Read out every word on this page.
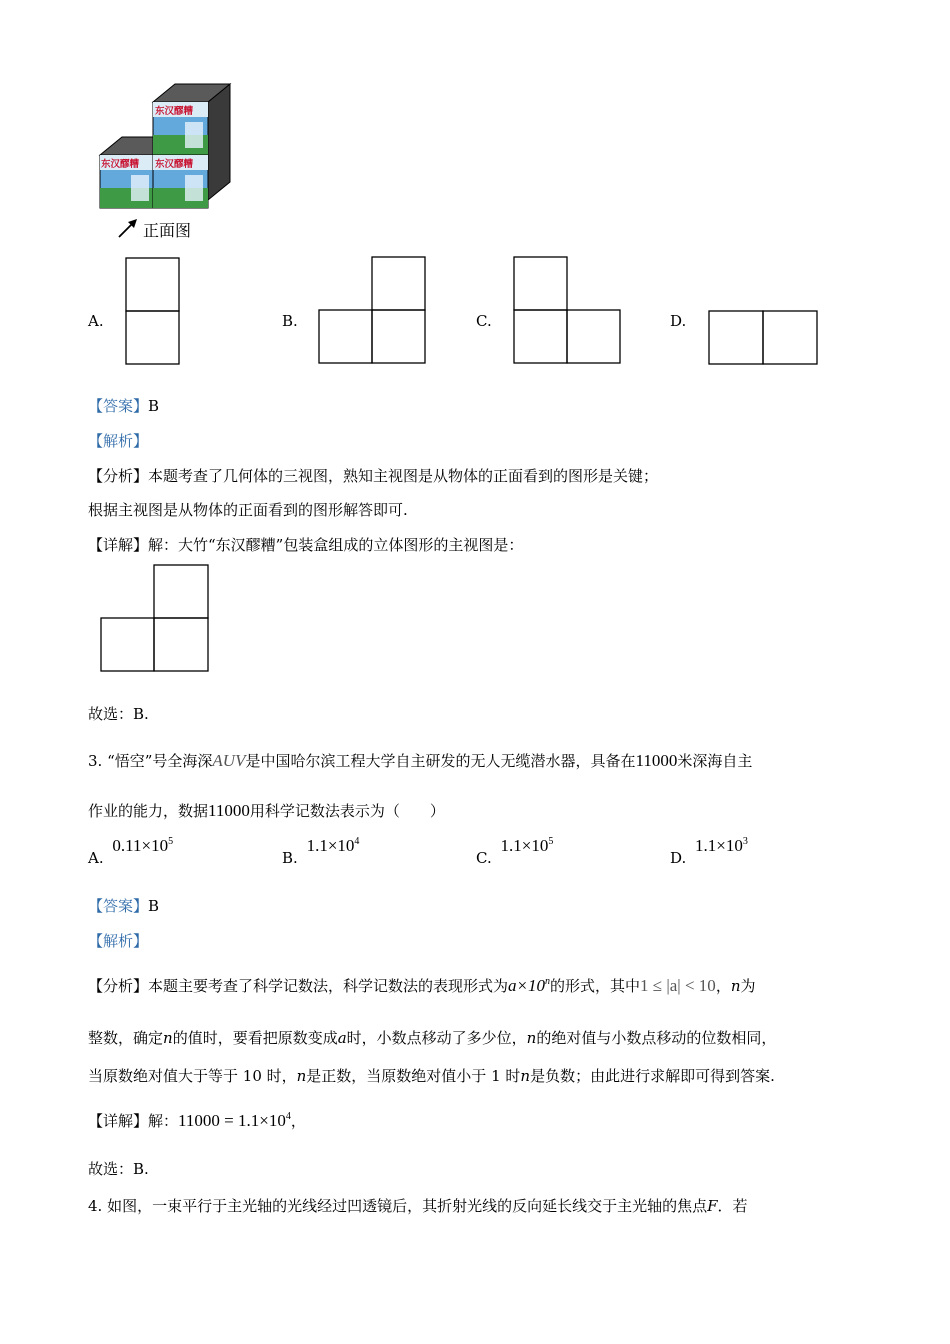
东汉醪糟
东汉醪糟 东汉醪糟
正面图
A.	B.	C.	D.
【答案】B
【解析】
【分析】本题考查了几何体的三视图，熟知主视图是从物体的正面看到的图形是关键；
根据主视图是从物体的正面看到的图形解答即可.
【详解】解：大竹“东汉醪糟”包装盒组成的立体图形的主视图是：
故选：B.
3. “悟空”号全海深AUV是中国哈尔滨工程大学自主研发的无人无缆潜水器，具备在11000米深海自主
作业的能力，数据11000用科学记数法表示为（　　）
A. $0.11\times 10^5$
B. $1.1\times 10^4$
C. $1.1\times 10^5$
D. $1.1\times 10^3$
【答案】B
【解析】
【分析】本题主要考查了科学记数法，科学记数法的表现形式为$a\times 10^n$的形式，其中1 ≤ |a| < 10，n为
整数，确定n的值时，要看把原数变成a时，小数点移动了多少位，n的绝对值与小数点移动的位数相同，
当原数绝对值大于等于 10 时，n是正数，当原数绝对值小于 1 时n是负数；由此进行求解即可得到答案.
【详解】解：$11000 = 1.1\times 10^4$，
故选：B.
4. 如图，一束平行于主光轴的光线经过凹透镜后，其折射光线的反向延长线交于主光轴的焦点F．若
